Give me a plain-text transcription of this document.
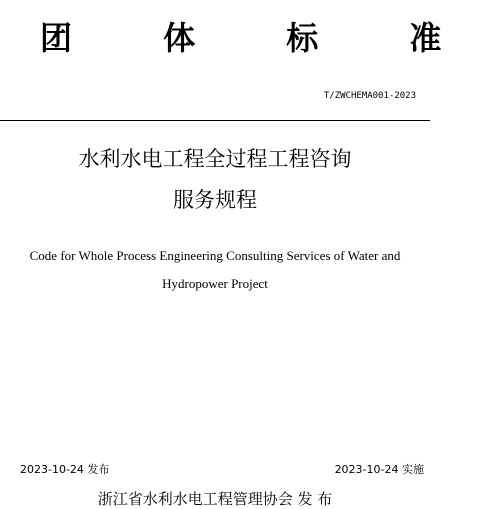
团 体 标 准
T/ZWCHEMA001-2023
水利水电工程全过程工程咨询
服务规程
Code for Whole Process Engineering Consulting Services of Water and
Hydropower Project
2023-10-24 发布	2023-10-24 实施
浙江省水利水电工程管理协会 发 布
